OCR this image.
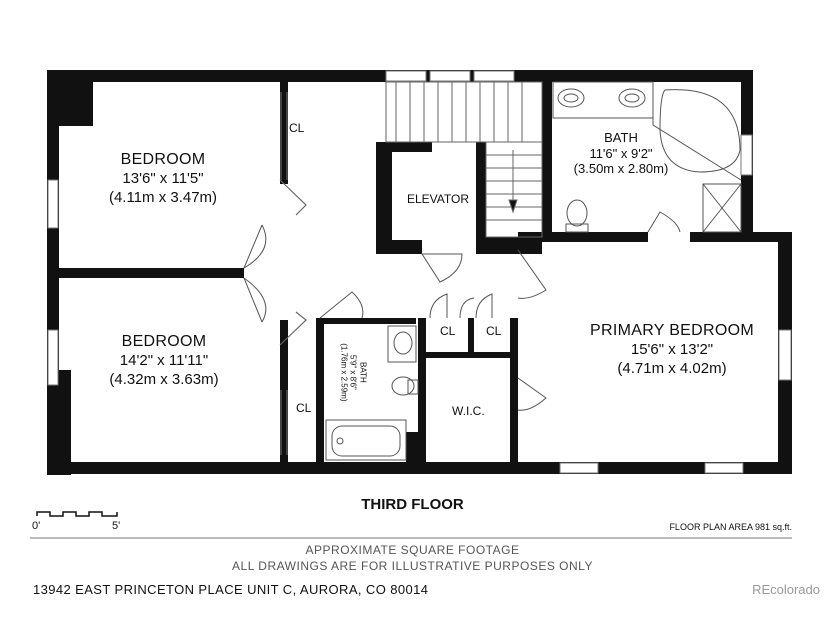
BEDROOM
13'6" x 11'5"
(4.11m x 3.47m)
BEDROOM
14'2" x 11'11"
(4.32m x 3.63m)
BATH
11'6" x 9'2"
(3.50m x 2.80m)
PRIMARY BEDROOM
15'6" x 13'2"
(4.71m x 4.02m)
BATH
5'9" x 8'6"
(1.76m x 2.59m)
ELEVATOR
W.I.C.
CL
CL
CL	CL
THIRD FLOOR
0'	5'	FLOOR PLAN AREA 981 sq.ft.
APPROXIMATE SQUARE FOOTAGE
ALL DRAWINGS ARE FOR ILLUSTRATIVE PURPOSES ONLY
13942 EAST PRINCETON PLACE UNIT C, AURORA, CO 80014	REcolorado
